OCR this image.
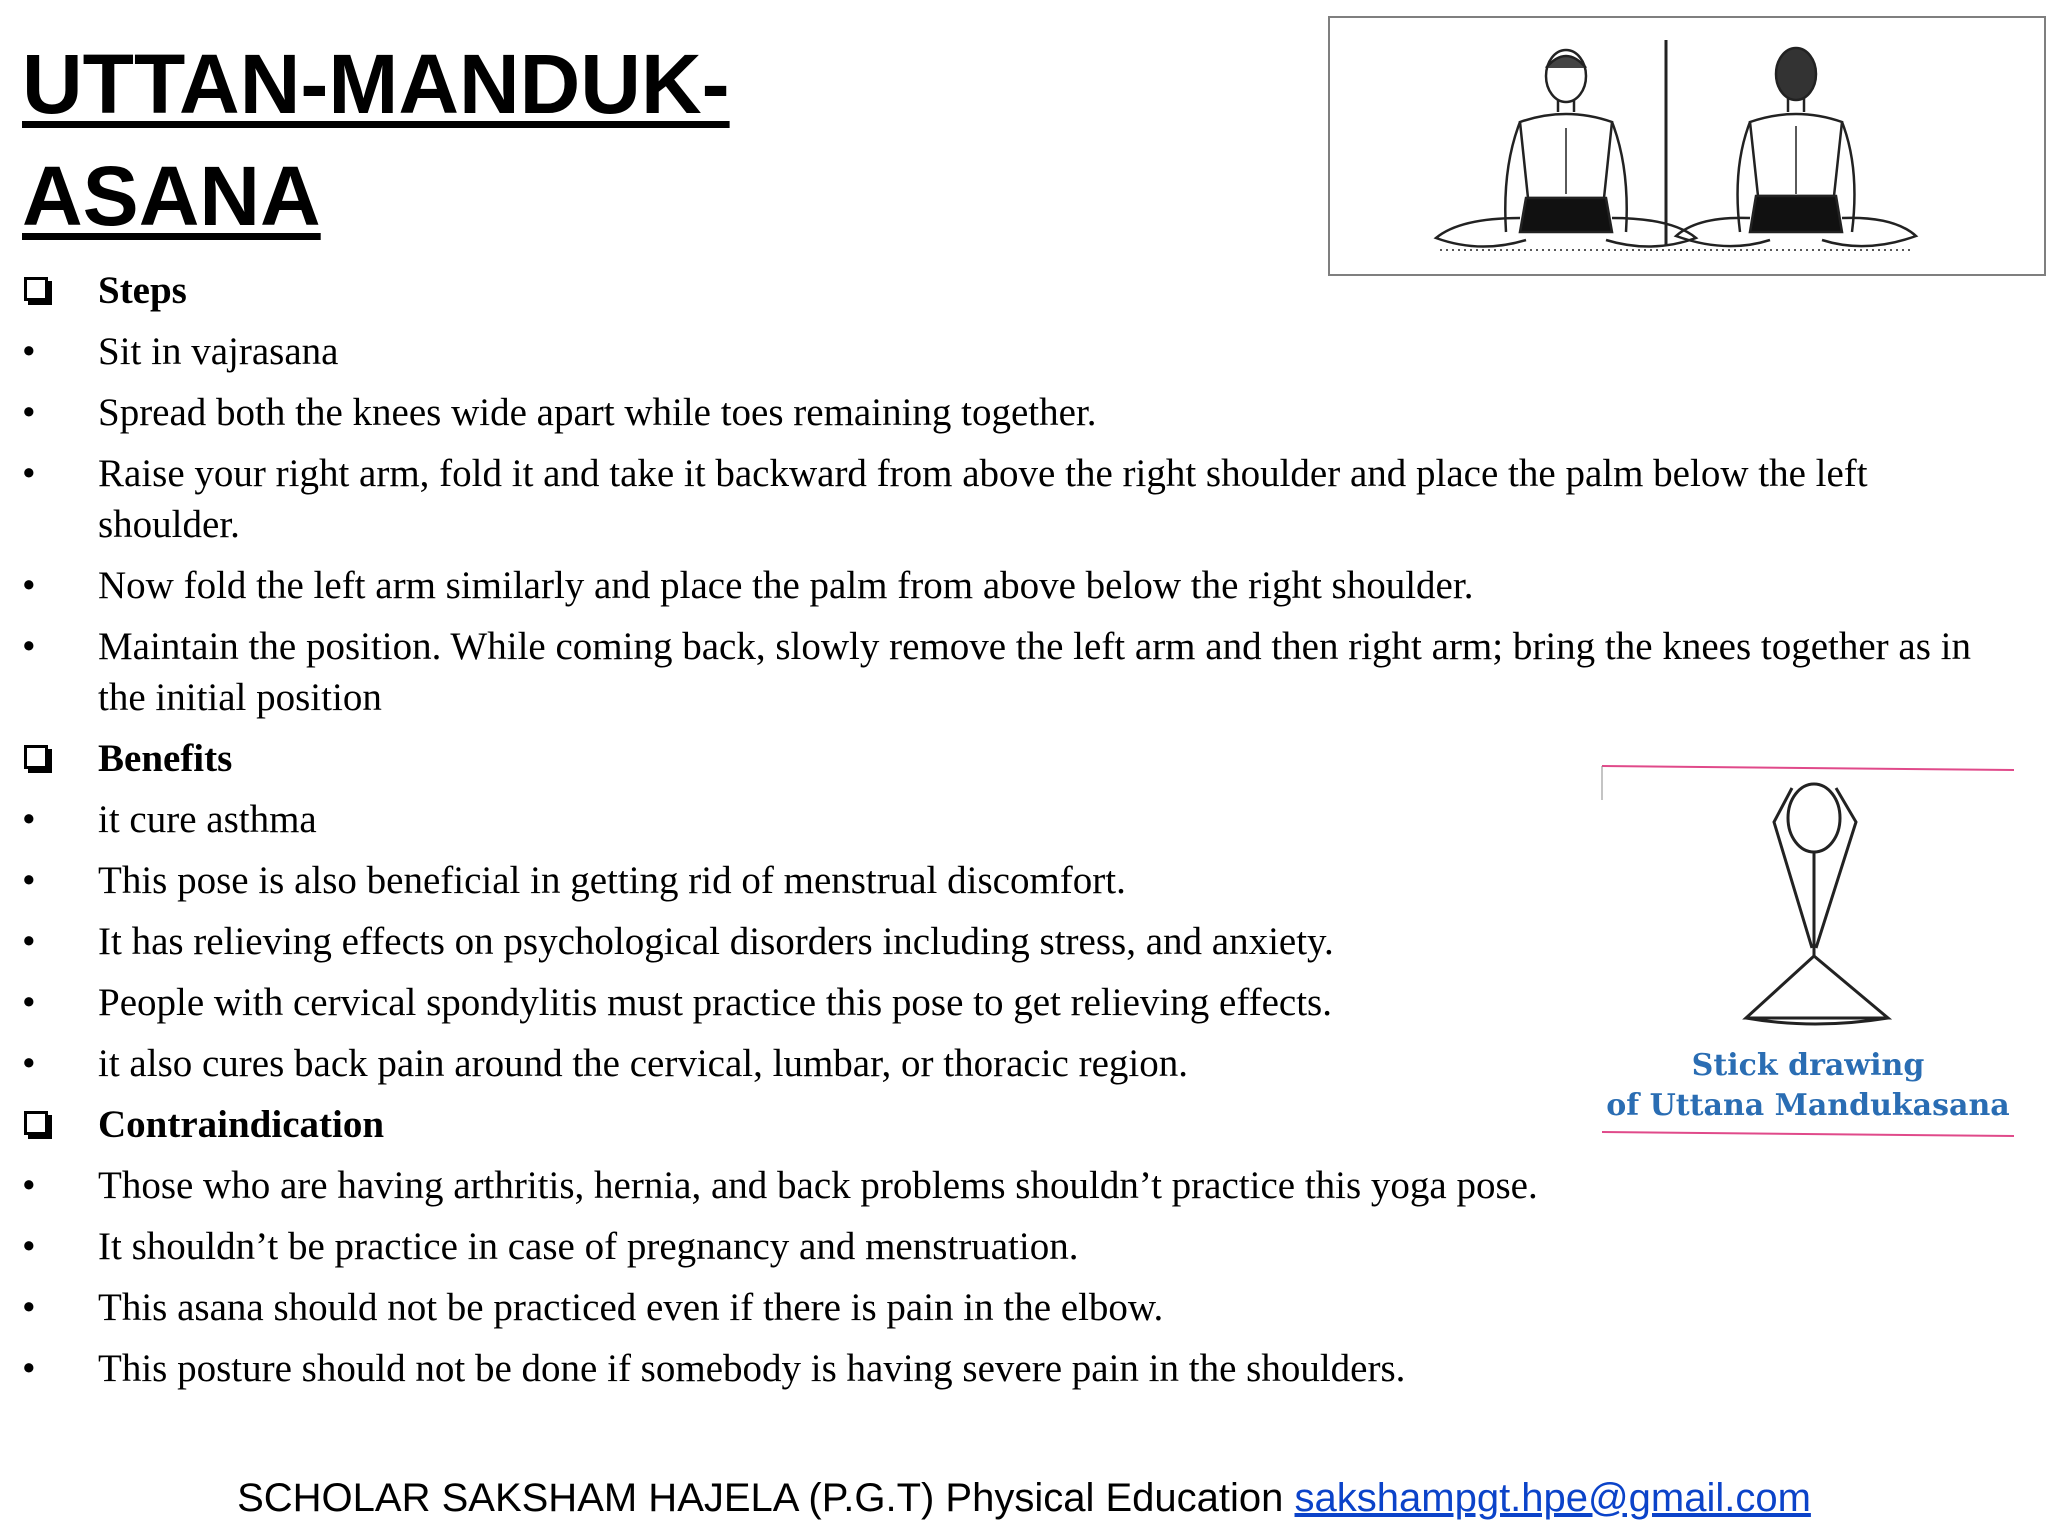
UTTAN-MANDUK-
ASANA
Stick drawing
of Uttana Mandukasana
Steps
• Sit in vajrasana
• Spread both the knees wide apart while toes remaining together.
• Raise your right arm, fold it and take it backward from above the right shoulder and place the palm below the left shoulder.
• Now fold the left arm similarly and place the palm from above below the right shoulder.
• Maintain the position. While coming back, slowly remove the left arm and then right arm; bring the knees together as in the initial position
Benefits
• it cure asthma
• This pose is also beneficial in getting rid of menstrual discomfort.
• It has relieving effects on psychological disorders including stress, and anxiety.
• People with cervical spondylitis must practice this pose to get relieving effects.
• it also cures back pain around the cervical, lumbar, or thoracic region.
Contraindication
• Those who are having arthritis, hernia, and back problems shouldn’t practice this yoga pose.
• It shouldn’t be practice in case of pregnancy and menstruation.
• This asana should not be practiced even if there is pain in the elbow.
• This posture should not be done if somebody is having severe pain in the shoulders.
SCHOLAR SAKSHAM HAJELA (P.G.T) Physical Education sakshampgt.hpe@gmail.com
